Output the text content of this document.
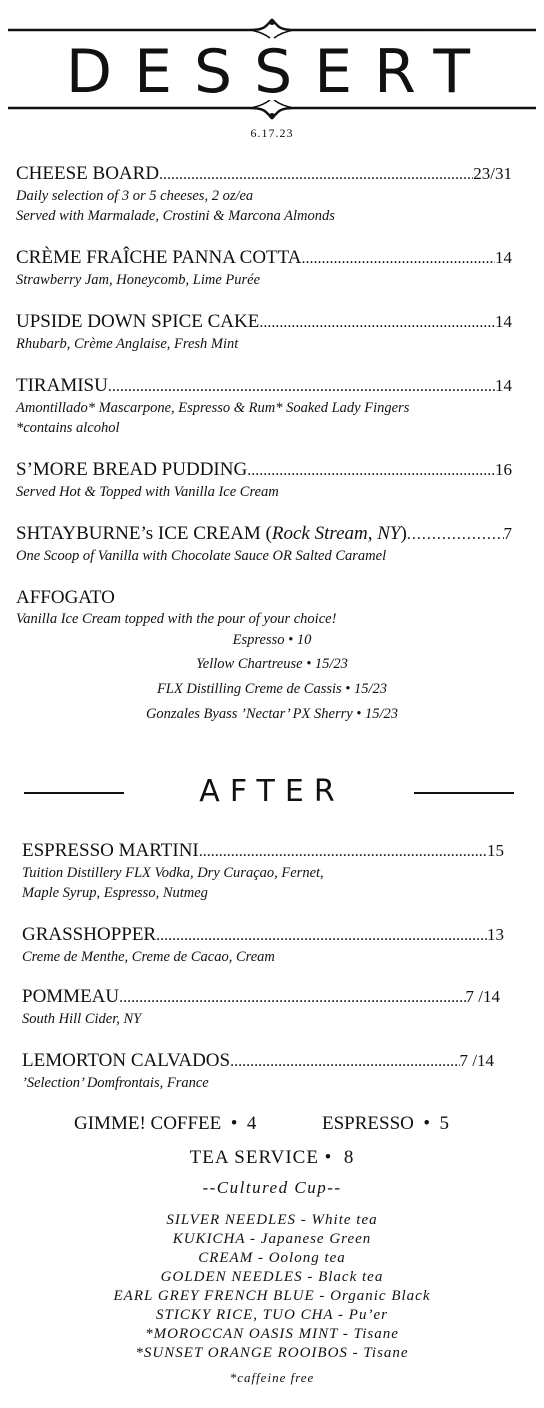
DESSERT
6.17.23
CHEESE BOARD .....	23/31
Daily selection of 3 or 5 cheeses, 2 oz/ea
Served with Marmalade, Crostini & Marcona Almonds
CRÈME FRAÎCHE PANNA COTTA .....	14
Strawberry Jam, Honeycomb, Lime Purée
UPSIDE DOWN SPICE CAKE .....	14
Rhubarb, Crème Anglaise, Fresh Mint
TIRAMISU .....	14
Amontillado* Mascarpone, Espresso & Rum* Soaked Lady Fingers
*contains alcohol
S’MORE BREAD PUDDING .....	16
Served Hot & Topped with Vanilla Ice Cream
SHTAYBURNE’s ICE CREAM (Rock Stream, NY) .....	7
One Scoop of Vanilla with Chocolate Sauce OR Salted Caramel
AFFOGATO
Vanilla Ice Cream topped with the pour of your choice!
Espresso • 10
Yellow Chartreuse • 15/23
FLX Distilling Creme de Cassis • 15/23
Gonzales Byass ’Nectar’ PX Sherry • 15/23
AFTER
ESPRESSO MARTINI .....	15
Tuition Distillery FLX Vodka, Dry Curaçao, Fernet,
Maple Syrup, Espresso, Nutmeg
GRASSHOPPER .....	13
Creme de Menthe, Creme de Cacao, Cream
POMMEAU .....	7 /14
South Hill Cider, NY
LEMORTON CALVADOS .....	7 /14
’Selection’ Domfrontais, France
GIMME! COFFEE  •  4	ESPRESSO  •  5
TEA SERVICE •  8
--Cultured Cup--
SILVER NEEDLES - White tea
KUKICHA - Japanese Green
CREAM - Oolong tea
GOLDEN NEEDLES - Black tea
EARL GREY FRENCH BLUE - Organic Black
STICKY RICE, TUO CHA - Pu’er
*MOROCCAN OASIS MINT - Tisane
*SUNSET ORANGE ROOIBOS - Tisane
*caffeine free
